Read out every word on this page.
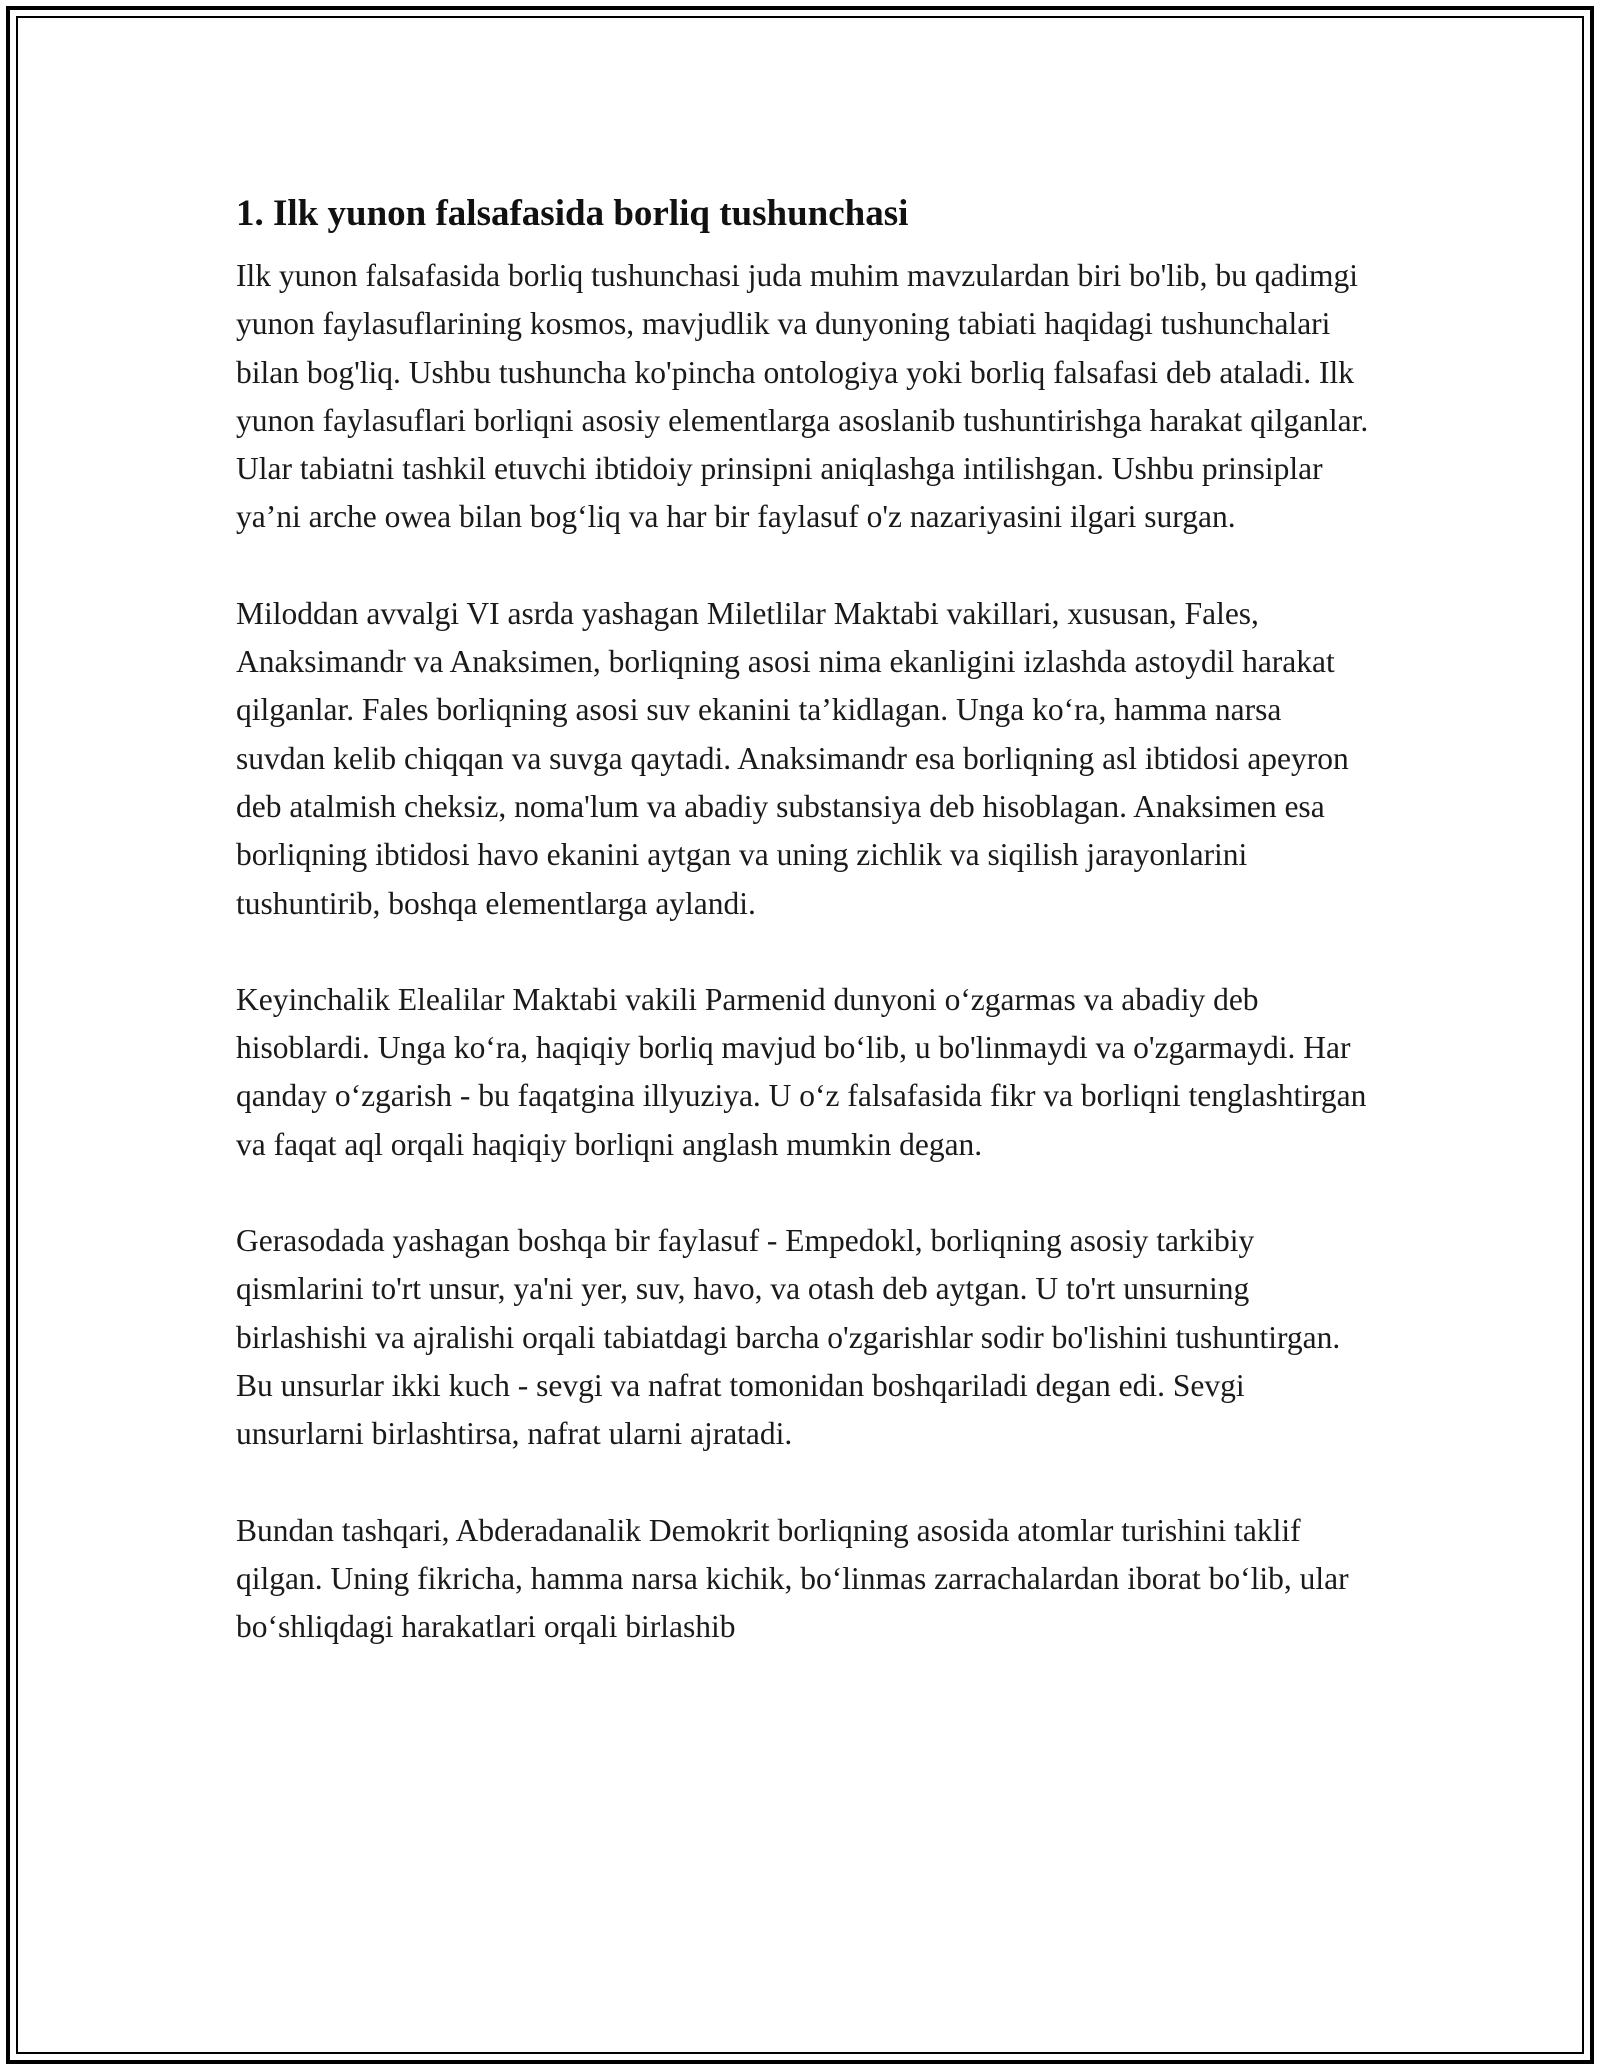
1. Ilk yunon falsafasida borliq tushunchasi

Ilk yunon falsafasida borliq tushunchasi juda muhim mavzulardan biri bo'lib, bu qadimgi yunon faylasuflarining kosmos, mavjudlik va dunyoning tabiati haqidagi tushunchalari bilan bog'liq. Ushbu tushuncha ko'pincha ontologiya yoki borliq falsafasi deb ataladi. Ilk yunon faylasuflari borliqni asosiy elementlarga asoslanib tushuntirishga harakat qilganlar. Ular tabiatni tashkil etuvchi ibtidoiy prinsipni aniqlashga intilishgan. Ushbu prinsiplar ya’ni arche owea bilan bog‘liq va har bir faylasuf o'z nazariyasini ilgari surgan.

Miloddan avvalgi VI asrda yashagan Miletlilar Maktabi vakillari, xususan, Fales, Anaksimandr va Anaksimen, borliqning asosi nima ekanligini izlashda astoydil harakat qilganlar. Fales borliqning asosi suv ekanini ta’kidlagan. Unga ko‘ra, hamma narsa suvdan kelib chiqqan va suvga qaytadi. Anaksimandr esa borliqning asl ibtidosi apeyron deb atalmish cheksiz, noma'lum va abadiy substansiya deb hisoblagan. Anaksimen esa borliqning ibtidosi havo ekanini aytgan va uning zichlik va siqilish jarayonlarini tushuntirib, boshqa elementlarga aylandi.

Keyinchalik Elealilar Maktabi vakili Parmenid dunyoni o‘zgarmas va abadiy deb hisoblardi. Unga ko‘ra, haqiqiy borliq mavjud bo‘lib, u bo'linmaydi va o'zgarmaydi. Har qanday o‘zgarish - bu faqatgina illyuziya. U o‘z falsafasida fikr va borliqni tenglashtirgan va faqat aql orqali haqiqiy borliqni anglash mumkin degan.

Gerasodada yashagan boshqa bir faylasuf - Empedokl, borliqning asosiy tarkibiy qismlarini to'rt unsur, ya'ni yer, suv, havo, va otash deb aytgan. U to'rt unsurning birlashishi va ajralishi orqali tabiatdagi barcha o'zgarishlar sodir bo'lishini tushuntirgan. Bu unsurlar ikki kuch - sevgi va nafrat tomonidan boshqariladi degan edi. Sevgi unsurlarni birlashtirsa, nafrat ularni ajratadi.

Bundan tashqari, Abderadanalik Demokrit borliqning asosida atomlar turishini taklif qilgan. Uning fikricha, hamma narsa kichik, bo‘linmas zarrachalardan iborat bo‘lib, ular bo‘shliqdagi harakatlari orqali birlashib
